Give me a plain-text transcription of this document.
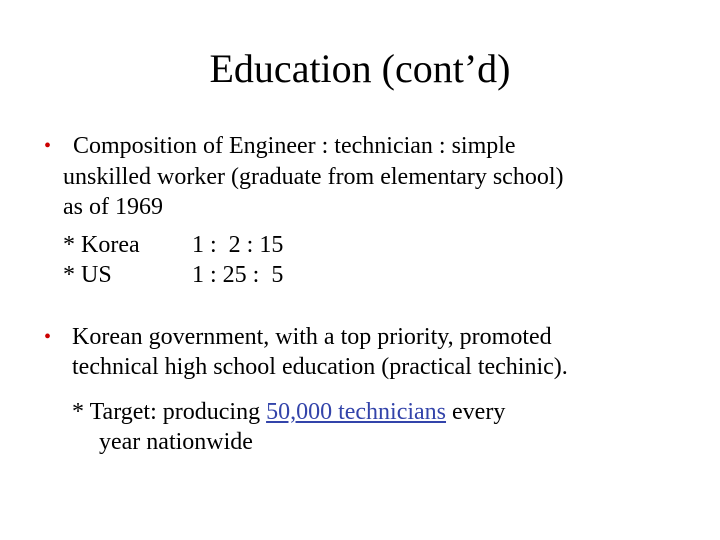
Education (cont’d)
• Composition of Engineer : technician : simple
unskilled worker (graduate from elementary school)
as of 1969
* Korea 1 :  2 : 15
* US	1 : 25 :  5
• Korean government, with a top priority, promoted
technical high school education (practical techinic).
* Target: producing 50,000 technicians every
year nationwide
